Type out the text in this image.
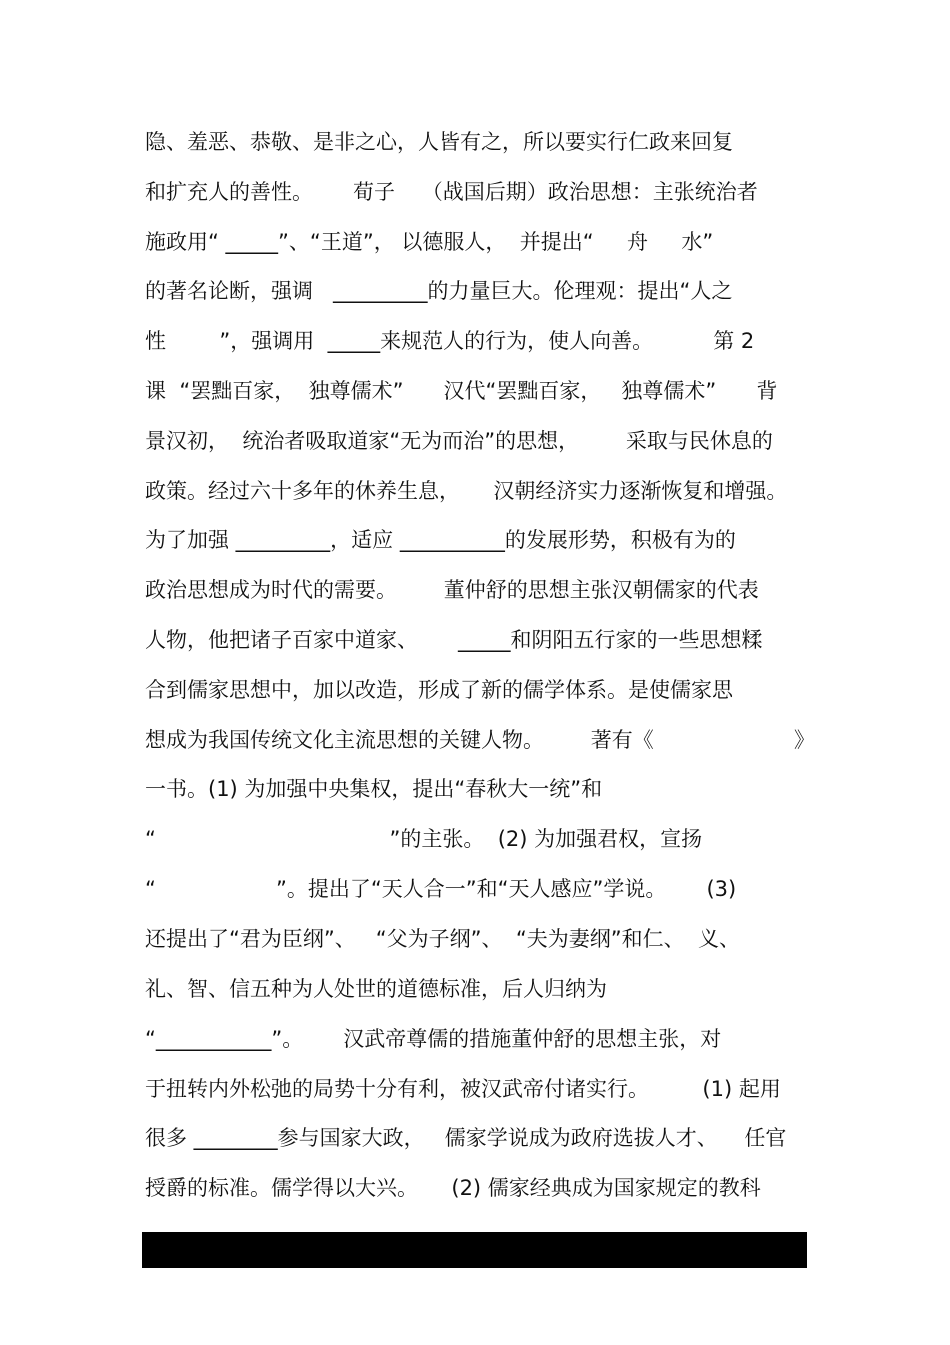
隐、羞恶、恭敬、是非之心，人皆有之，所以要实行仁政来回复
和扩充人的善性。      荀子    （战国后期）政治思想：主张统治者
施政用“ _____”、“王道”， 以德服人，  并提出“     舟     水”
的著名论断，强调   _________的力量巨大。伦理观：提出“人之
性        ”，强调用  _____来规范人的行为，使人向善。         第 2
课  “罢黜百家，  独尊儒术”      汉代“罢黜百家，   独尊儒术”      背
景汉初，  统治者吸取道家“无为而治”的思想，       采取与民休息的
政策。经过六十多年的休养生息，     汉朝经济实力逐渐恢复和增强。
为了加强 _________，适应 __________的发展形势，积极有为的
政治思想成为时代的需要。       董仲舒的思想主张汉朝儒家的代表
人物，他把诸子百家中道家、      _____和阴阳五行家的一些思想糅
合到儒家思想中，加以改造，形成了新的儒学体系。是使儒家思
想成为我国传统文化主流思想的关键人物。       著有《                     》
一书。(1) 为加强中央集权，提出“春秋大一统”和
“                                   ”的主张。  (2) 为加强君权，宣扬
“                  ”。提出了“天人合一”和“天人感应”学说。      (3)
还提出了“君为臣纲”、   “父为子纲”、  “夫为妻纲”和仁、  义、
礼、智、信五种为人处世的道德标准，后人归纳为
“___________”。      汉武帝尊儒的措施董仲舒的思想主张，对
于扭转内外松弛的局势十分有利，被汉武帝付诸实行。        (1) 起用
很多 ________参与国家大政，   儒家学说成为政府选拔人才、    任官
授爵的标准。儒学得以大兴。     (2) 儒家经典成为国家规定的教科
